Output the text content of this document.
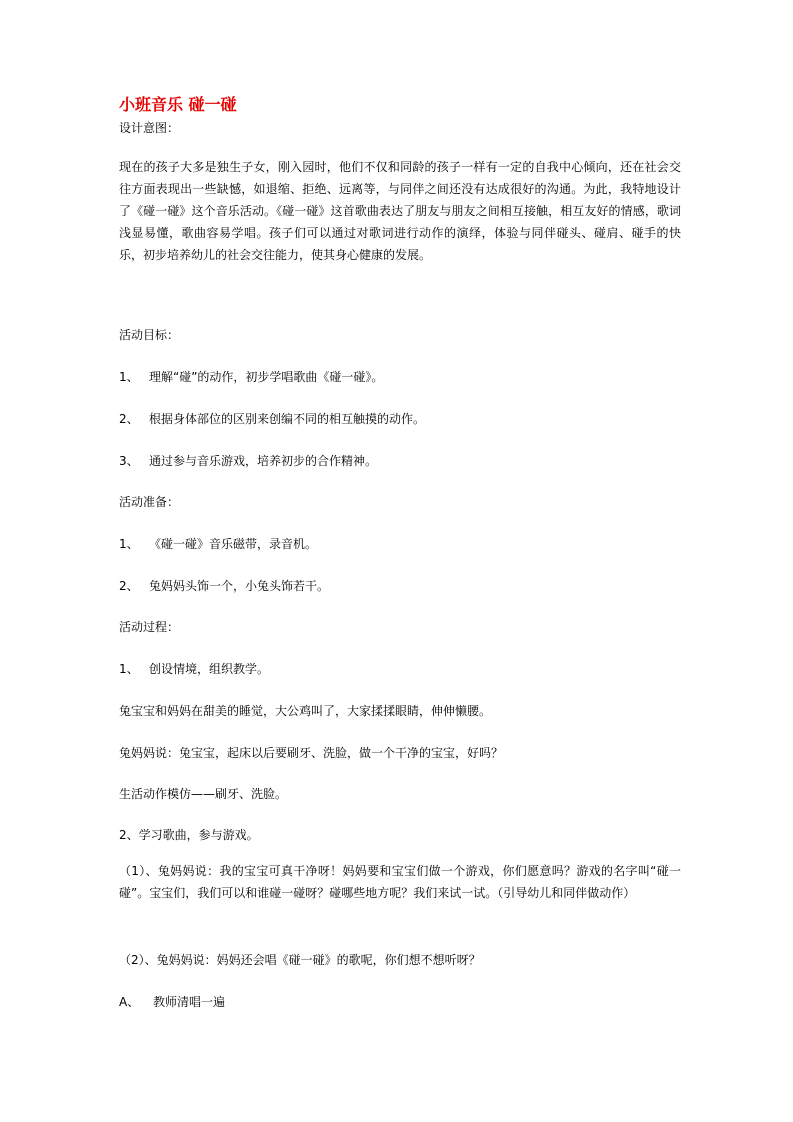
小班音乐 碰一碰
设计意图：
现在的孩子大多是独生子女，刚入园时，他们不仅和同龄的孩子一样有一定的自我中心倾向，还在社会交往方面表现出一些缺憾，如退缩、拒绝、远离等，与同伴之间还没有达成很好的沟通。为此，我特地设计了《碰一碰》这个音乐活动。《碰一碰》这首歌曲表达了朋友与朋友之间相互接触，相互友好的情感，歌词浅显易懂，歌曲容易学唱。孩子们可以通过对歌词进行动作的演绎，体验与同伴碰头、碰肩、碰手的快乐，初步培养幼儿的社会交往能力，使其身心健康的发展。
活动目标：
1、 理解“碰”的动作，初步学唱歌曲《碰一碰》。
2、 根据身体部位的区别来创编不同的相互触摸的动作。
3、 通过参与音乐游戏，培养初步的合作精神。
活动准备：
1、 《碰一碰》音乐磁带，录音机。
2、 兔妈妈头饰一个，小兔头饰若干。
活动过程：
1、 创设情境，组织教学。
兔宝宝和妈妈在甜美的睡觉，大公鸡叫了，大家揉揉眼睛，伸伸懒腰。
兔妈妈说：兔宝宝，起床以后要刷牙、洗脸，做一个干净的宝宝，好吗？
生活动作模仿——刷牙、洗脸。
2、学习歌曲，参与游戏。
（1）、兔妈妈说：我的宝宝可真干净呀！妈妈要和宝宝们做一个游戏，你们愿意吗？游戏的名字叫“碰一碰”。宝宝们，我们可以和谁碰一碰呀？碰哪些地方呢？我们来试一试。（引导幼儿和同伴做动作）
（2）、兔妈妈说：妈妈还会唱《碰一碰》的歌呢，你们想不想听呀？
A、 教师清唱一遍
